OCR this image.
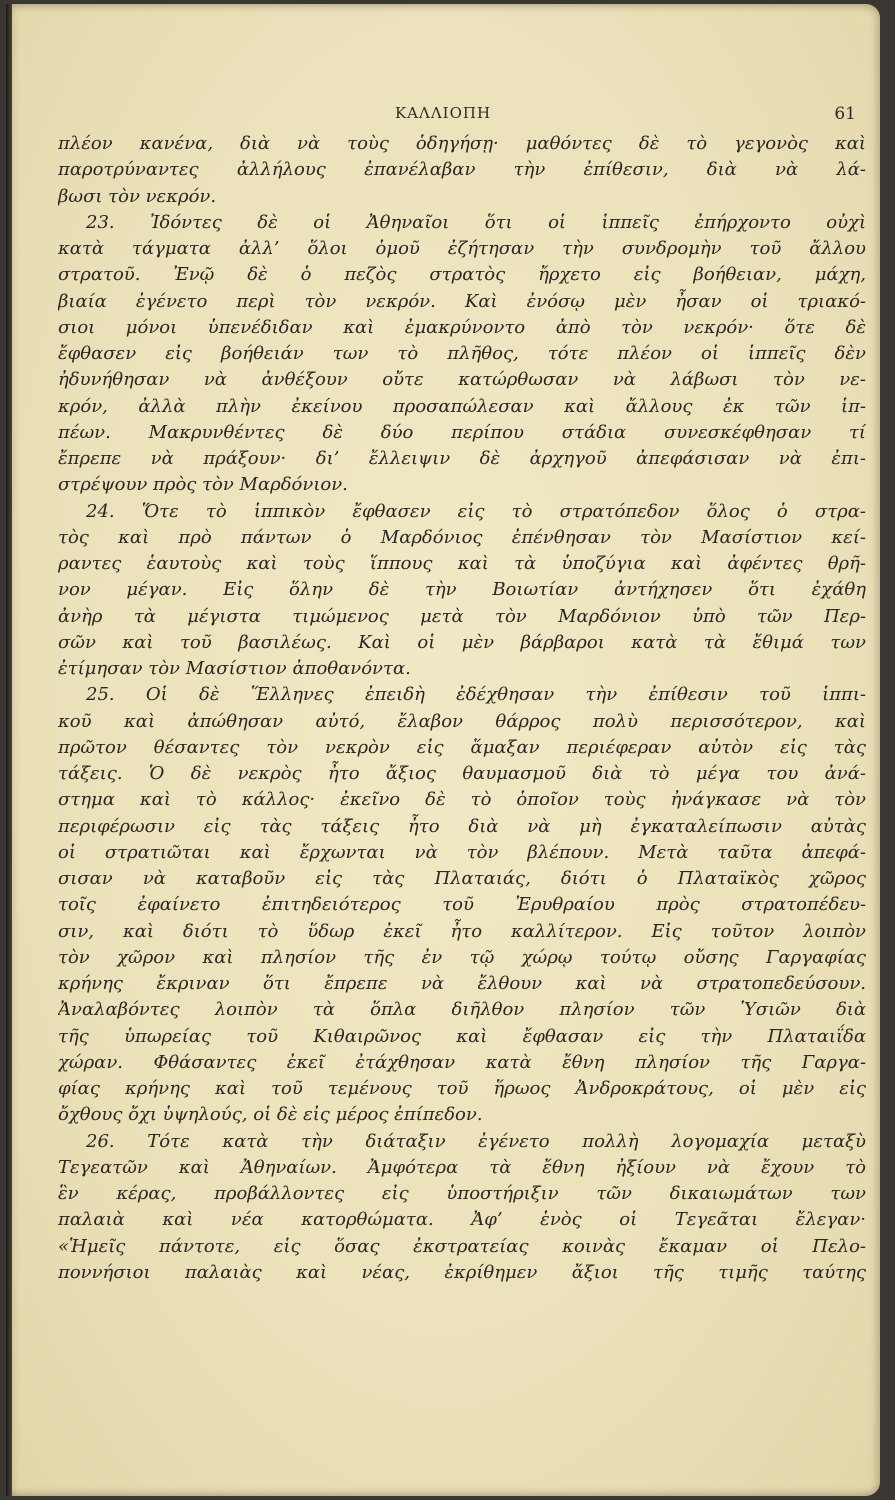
ΚΑΛΛΙΟΠΗ	61
πλέον κανένα, διὰ νὰ τοὺς ὁδηγήσῃ· μαθόντες δὲ τὸ γεγονὸς καὶ
παροτρύναντες ἀλλήλους ἐπανέλαβαν τὴν ἐπίθεσιν, διὰ νὰ λά-
βωσι τὸν νεκρόν.
23. Ἰδόντες δὲ οἱ Ἀθηναῖοι ὅτι οἱ ἱππεῖς ἐπήρχοντο οὐχὶ
κατὰ τάγματα ἀλλ’ ὅλοι ὁμοῦ ἐζήτησαν τὴν συνδρομὴν τοῦ ἄλλου
στρατοῦ. Ἐνῷ δὲ ὁ πεζὸς στρατὸς ἤρχετο εἰς βοήθειαν, μάχη,
βιαία ἐγένετο περὶ τὸν νεκρόν. Καὶ ἐνόσῳ μὲν ἦσαν οἱ τριακό-
σιοι μόνοι ὑπενέδιδαν καὶ ἐμακρύνοντο ἀπὸ τὸν νεκρόν· ὅτε δὲ
ἔφθασεν εἰς βοήθειάν των τὸ πλῆθος, τότε πλέον οἱ ἱππεῖς δὲν
ἠδυνήθησαν νὰ ἀνθέξουν οὔτε κατώρθωσαν νὰ λάβωσι τὸν νε-
κρόν, ἀλλὰ πλὴν ἐκείνου προσαπώλεσαν καὶ ἄλλους ἐκ τῶν ἱπ-
πέων. Μακρυνθέντες δὲ δύο περίπου στάδια συνεσκέφθησαν τί
ἔπρεπε νὰ πράξουν· δι’ ἔλλειψιν δὲ ἀρχηγοῦ ἀπεφάσισαν νὰ ἐπι-
στρέψουν πρὸς τὸν Μαρδόνιον.
24. Ὅτε τὸ ἱππικὸν ἔφθασεν εἰς τὸ στρατόπεδον ὅλος ὁ στρα-
τὸς καὶ πρὸ πάντων ὁ Μαρδόνιος ἐπένθησαν τὸν Μασίστιον κεί-
ραντες ἑαυτοὺς καὶ τοὺς ἵππους καὶ τὰ ὑποζύγια καὶ ἀφέντες θρῆ-
νον μέγαν. Εἰς ὅλην δὲ τὴν Βοιωτίαν ἀντήχησεν ὅτι ἐχάθη
ἀνὴρ τὰ μέγιστα τιμώμενος μετὰ τὸν Μαρδόνιον ὑπὸ τῶν Περ-
σῶν καὶ τοῦ βασιλέως. Καὶ οἱ μὲν βάρβαροι κατὰ τὰ ἔθιμά των
ἐτίμησαν τὸν Μασίστιον ἀποθανόντα.
25. Οἱ δὲ Ἕλληνες ἐπειδὴ ἐδέχθησαν τὴν ἐπίθεσιν τοῦ ἱππι-
κοῦ καὶ ἀπώθησαν αὐτό, ἔλαβον θάρρος πολὺ περισσότερον, καὶ
πρῶτον θέσαντες τὸν νεκρὸν εἰς ἅμαξαν περιέφεραν αὐτὸν εἰς τὰς
τάξεις. Ὁ δὲ νεκρὸς ἦτο ἄξιος θαυμασμοῦ διὰ τὸ μέγα του ἀνά-
στημα καὶ τὸ κάλλος· ἐκεῖνο δὲ τὸ ὁποῖον τοὺς ἠνάγκασε νὰ τὸν
περιφέρωσιν εἰς τὰς τάξεις ἦτο διὰ νὰ μὴ ἐγκαταλείπωσιν αὐτὰς
οἱ στρατιῶται καὶ ἔρχωνται νὰ τὸν βλέπουν. Μετὰ ταῦτα ἀπεφά-
σισαν νὰ καταβοῦν εἰς τὰς Πλαταιάς, διότι ὁ Πλαταϊκὸς χῶρος
τοῖς ἐφαίνετο ἐπιτηδειότερος τοῦ Ἐρυθραίου πρὸς στρατοπέδευ-
σιν, καὶ διότι τὸ ὕδωρ ἐκεῖ ἦτο καλλίτερον. Εἰς τοῦτον λοιπὸν
τὸν χῶρον καὶ πλησίον τῆς ἐν τῷ χώρῳ τούτῳ οὔσης Γαργαφίας
κρήνης ἔκριναν ὅτι ἔπρεπε νὰ ἔλθουν καὶ νὰ στρατοπεδεύσουν.
Ἀναλαβόντες λοιπὸν τὰ ὅπλα διῆλθον πλησίον τῶν Ὑσιῶν διὰ
τῆς ὑπωρείας τοῦ Κιθαιρῶνος καὶ ἔφθασαν εἰς τὴν Πλαταιΐδα
χώραν. Φθάσαντες ἐκεῖ ἐτάχθησαν κατὰ ἔθνη πλησίον τῆς Γαργα-
φίας κρήνης καὶ τοῦ τεμένους τοῦ ἥρωος Ἀνδροκράτους, οἱ μὲν εἰς
ὄχθους ὄχι ὑψηλούς, οἱ δὲ εἰς μέρος ἐπίπεδον.
26. Τότε κατὰ τὴν διάταξιν ἐγένετο πολλὴ λογομαχία μεταξὺ
Τεγεατῶν καὶ Ἀθηναίων. Ἀμφότερα τὰ ἔθνη ἠξίουν νὰ ἔχουν τὸ
ἓν κέρας, προβάλλοντες εἰς ὑποστήριξιν τῶν δικαιωμάτων των
παλαιὰ καὶ νέα κατορθώματα. Ἀφ’ ἑνὸς οἱ Τεγεᾶται ἔλεγαν·
«Ἡμεῖς πάντοτε, εἰς ὅσας ἐκστρατείας κοινὰς ἔκαμαν οἱ Πελο-
ποννήσιοι παλαιὰς καὶ νέας, ἐκρίθημεν ἄξιοι τῆς τιμῆς ταύτης
